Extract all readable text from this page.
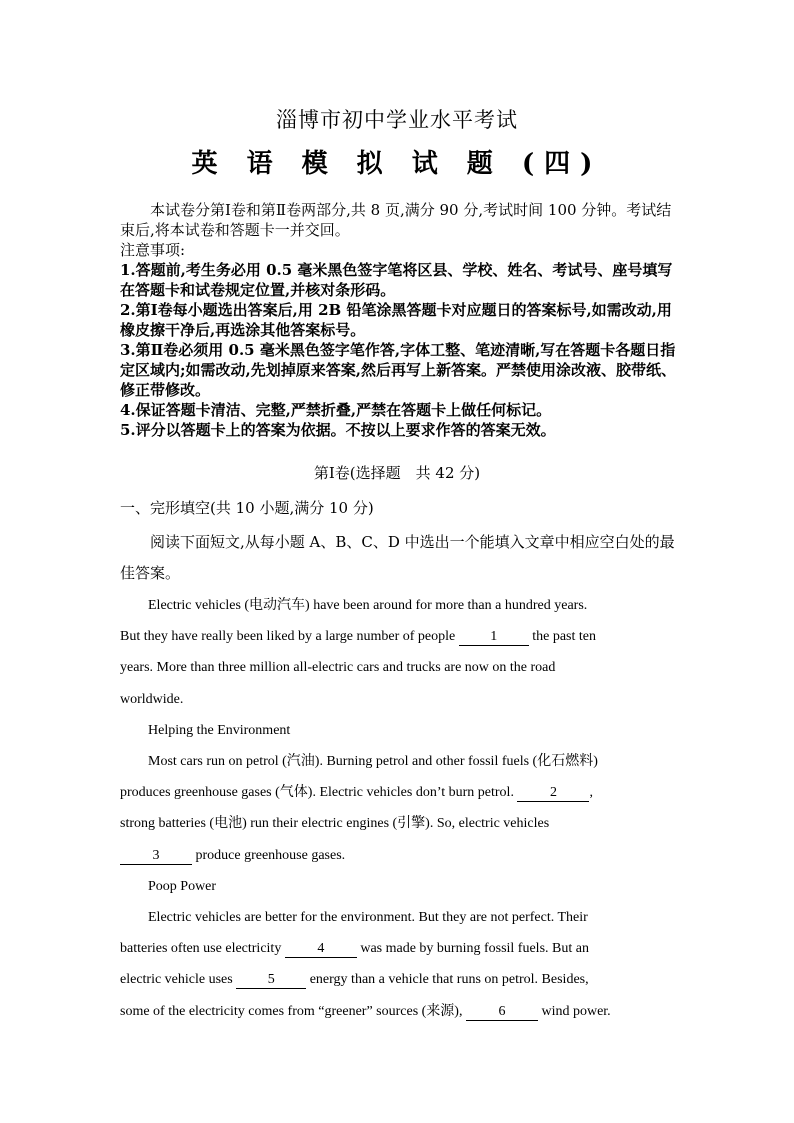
淄博市初中学业水平考试
英 语 模 拟 试 题 (四)

本试卷分第Ⅰ卷和第Ⅱ卷两部分,共 8 页,满分 90 分,考试时间 100 分钟。考试结束后,将本试卷和答题卡一并交回。

注意事项:

1.答题前,考生务必用 0.5 毫米黑色签字笔将区县、学校、姓名、考试号、座号填写在答题卡和试卷规定位置,并核对条形码。

2.第Ⅰ卷每小题选出答案后,用 2B 铅笔涂黑答题卡对应题日的答案标号,如需改动,用橡皮擦干净后,再选涂其他答案标号。

3.第Ⅱ卷必须用 0.5 毫米黑色签字笔作答,字体工整、笔迹清晰,写在答题卡各题日指定区域内;如需改动,先划掉原来答案,然后再写上新答案。严禁使用涂改液、胶带纸、修正带修改。

4.保证答题卡清洁、完整,严禁折叠,严禁在答题卡上做任何标记。

5.评分以答题卡上的答案为依据。不按以上要求作答的答案无效。

第Ⅰ卷(选择题　共 42 分)
一、完形填空(共 10 小题,满分 10 分)
阅读下面短文,从每小题 A、B、C、D 中选出一个能填入文章中相应空白处的最佳答案。

Electric vehicles (电动汽车) have been around for more than a hundred years.

But they have really been liked by a large number of people	1	the past ten

years. More than three million all-electric cars and trucks are now on the road

worldwide.

Helping the Environment

Most cars run on petrol (汽油). Burning petrol and other fossil fuels (化石燃料)

produces greenhouse gases (气体). Electric vehicles don’t burn petrol.	2 ,

strong batteries (电池) run their electric engines (引擎). So, electric vehicles

3	produce greenhouse gases.

Poop Power

Electric vehicles are better for the environment. But they are not perfect. Their

batteries often use electricity	4	was made by burning fossil fuels. But an

electric vehicle uses	5	energy than a vehicle that runs on petrol. Besides,

some of the electricity comes from “greener” sources (来源),	6	wind power.
